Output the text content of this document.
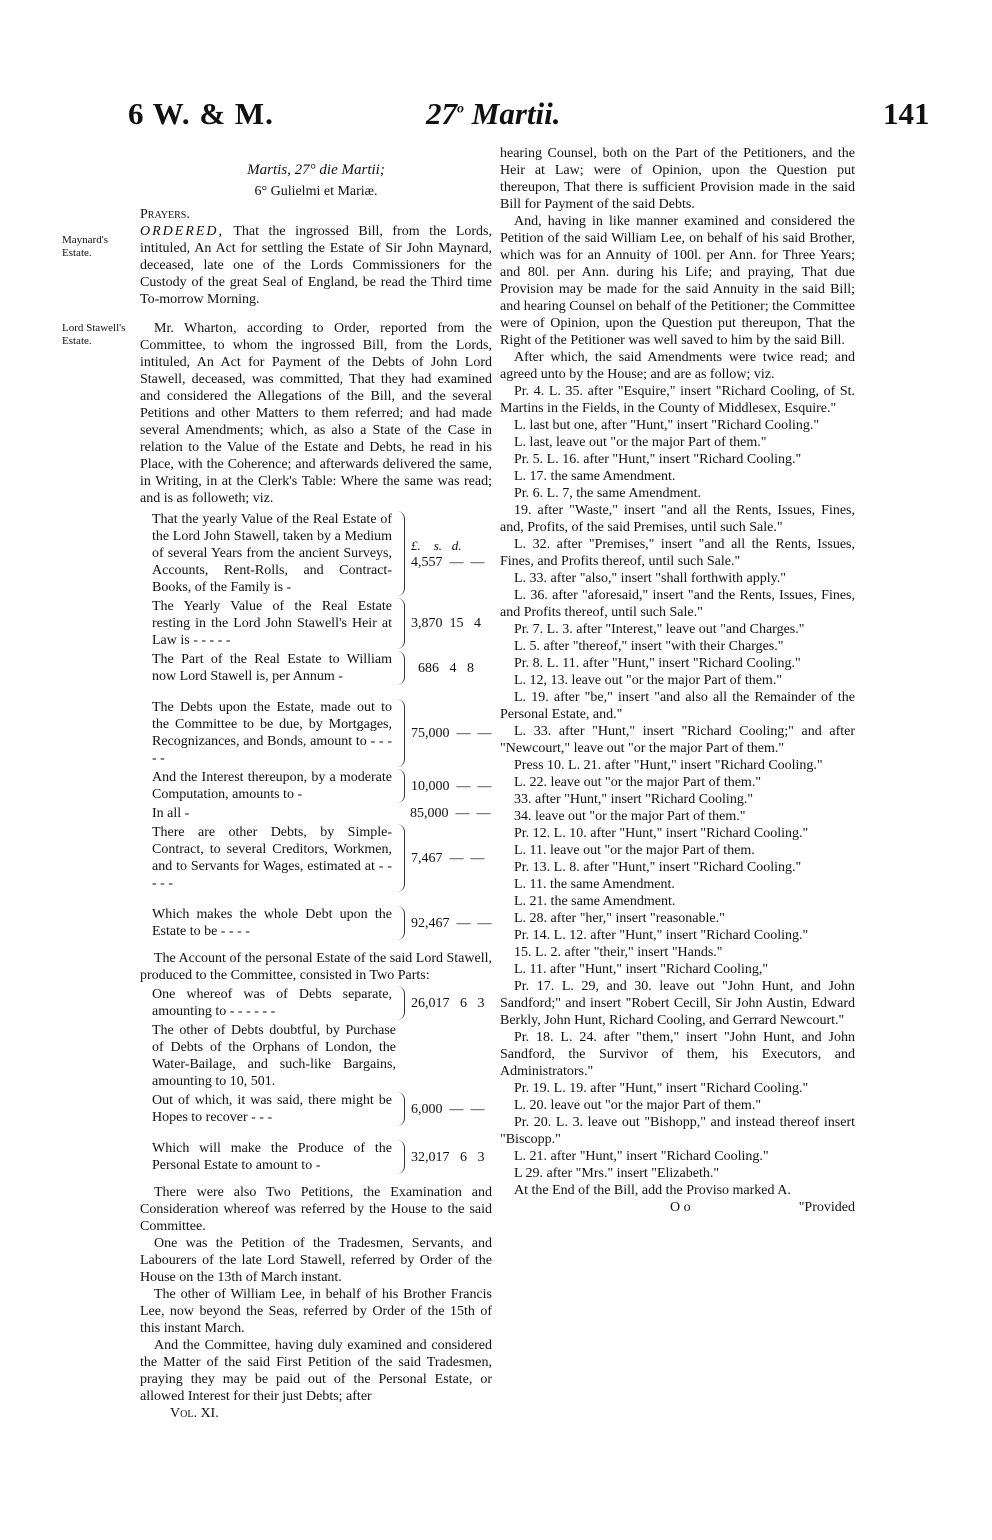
6 W. & M.	27$^o$ Martii.	141
Maynard's Estate.
Lord Stawell's Estate.

Martis, 27° die Martii;

6° Gulielmi et Mariæ.

Prayers.

ORDERED, That the ingrossed Bill, from the Lords, intituled, An Act for settling the Estate of Sir John Maynard, deceased, late one of the Lords Commissioners for the Custody of the great Seal of England, be read the Third time To-morrow Morning.

Mr. Wharton, according to Order, reported from the Committee, to whom the ingrossed Bill, from the Lords, intituled, An Act for Payment of the Debts of John Lord Stawell, deceased, was committed, That they had examined and considered the Allegations of the Bill, and the several Petitions and other Matters to them referred; and had made several Amendments; which, as also a State of the Case in relation to the Value of the Estate and Debts, he read in his Place, with the Coherence; and afterwards delivered the same, in Writing, in at the Clerk's Table: Where the same was read; and is as followeth; viz.

That the yearly Value of the Real Estate of the Lord John Stawell, taken by a Medium of several Years from the ancient Surveys, Accounts, Rent-Rolls, and Contract-Books, of the Family is -
£.    s.   d.
4,557  —  —
The Yearly Value of the Real Estate resting in the Lord John Stawell's Heir at Law is - - - - -
3,870  15   4
The Part of the Real Estate to William now Lord Stawell is, per Annum -
686   4   8
The Debts upon the Estate, made out to the Committee to be due, by Mortgages, Recognizances, and Bonds, amount to - - - - -
75,000  —  —
And the Interest thereupon, by a moderate Computation, amounts to -
10,000  —  —
In all -	85,000  —  —
There are other Debts, by Simple-Contract, to several Creditors, Workmen, and to Servants for Wages, estimated at - - - - -
7,467  —  —
Which makes the whole Debt upon the Estate to be - - - -
92,467  —  —

The Account of the personal Estate of the said Lord Stawell, produced to the Committee, consisted in Two Parts:

One whereof was of Debts separate, amounting to - - - - - -
26,017   6   3

The other of Debts doubtful, by Purchase of Debts of the Orphans of London, the Water-Bailage, and such-like Bargains, amounting to 10, 501.

Out of which, it was said, there might be Hopes to recover - - -
6,000  —  —
Which will make the Produce of the Personal Estate to amount to -
32,017   6   3

There were also Two Petitions, the Examination and Consideration whereof was referred by the House to the said Committee.

One was the Petition of the Tradesmen, Servants, and Labourers of the late Lord Stawell, referred by Order of the House on the 13th of March instant.

The other of William Lee, in behalf of his Brother Francis Lee, now beyond the Seas, referred by Order of the 15th of this instant March.

And the Committee, having duly examined and considered the Matter of the said First Petition of the said Tradesmen, praying they may be paid out of the Personal Estate, or allowed Interest for their just Debts; after

Vol. XI.

hearing Counsel, both on the Part of the Petitioners, and the Heir at Law; were of Opinion, upon the Question put thereupon, That there is sufficient Provision made in the said Bill for Payment of the said Debts.

And, having in like manner examined and considered the Petition of the said William Lee, on behalf of his said Brother, which was for an Annuity of 100l. per Ann. for Three Years; and 80l. per Ann. during his Life; and praying, That due Provision may be made for the said Annuity in the said Bill; and hearing Counsel on behalf of the Petitioner; the Committee were of Opinion, upon the Question put thereupon, That the Right of the Petitioner was well saved to him by the said Bill.

After which, the said Amendments were twice read; and agreed unto by the House; and are as follow; viz.

Pr. 4. L. 35. after "Esquire," insert "Richard Cooling, of St. Martins in the Fields, in the County of Middlesex, Esquire."

L. last but one, after "Hunt," insert "Richard Cooling."

L. last, leave out "or the major Part of them."

Pr. 5. L. 16. after "Hunt," insert "Richard Cooling."

L. 17. the same Amendment.

Pr. 6. L. 7, the same Amendment.

19. after "Waste," insert "and all the Rents, Issues, Fines, and, Profits, of the said Premises, until such Sale."

L. 32. after "Premises," insert "and all the Rents, Issues, Fines, and Profits thereof, until such Sale."

L. 33. after "also," insert "shall forthwith apply."

L. 36. after "aforesaid," insert "and the Rents, Issues, Fines, and Profits thereof, until such Sale."

Pr. 7. L. 3. after "Interest," leave out "and Charges."

L. 5. after "thereof," insert "with their Charges."

Pr. 8. L. 11. after "Hunt," insert "Richard Cooling."

L. 12, 13. leave out "or the major Part of them."

L. 19. after "be," insert "and also all the Remainder of the Personal Estate, and."

L. 33. after "Hunt," insert "Richard Cooling;" and after "Newcourt," leave out "or the major Part of them."

Press 10. L. 21. after "Hunt," insert "Richard Cooling."

L. 22. leave out "or the major Part of them."

33. after "Hunt," insert "Richard Cooling."

34. leave out "or the major Part of them."

Pr. 12. L. 10. after "Hunt," insert "Richard Cooling."

L. 11. leave out "or the major Part of them.

Pr. 13. L. 8. after "Hunt," insert "Richard Cooling."

L. 11. the same Amendment.

L. 21. the same Amendment.

L. 28. after "her," insert "reasonable."

Pr. 14. L. 12. after "Hunt," insert "Richard Cooling."

15. L. 2. after "their," insert "Hands."

L. 11. after "Hunt," insert "Richard Cooling,"

Pr. 17. L. 29, and 30. leave out "John Hunt, and John Sandford;" and insert "Robert Cecill, Sir John Austin, Edward Berkly, John Hunt, Richard Cooling, and Gerrard Newcourt."

Pr. 18. L. 24. after "them," insert "John Hunt, and John Sandford, the Survivor of them, his Executors, and Administrators."

Pr. 19. L. 19. after "Hunt," insert "Richard Cooling."

L. 20. leave out "or the major Part of them."

Pr. 20. L. 3. leave out "Bishopp," and instead thereof insert "Biscopp."

L. 21. after "Hunt," insert "Richard Cooling."

L 29. after "Mrs." insert "Elizabeth."

At the End of the Bill, add the Proviso marked A.

O o	"Provided
